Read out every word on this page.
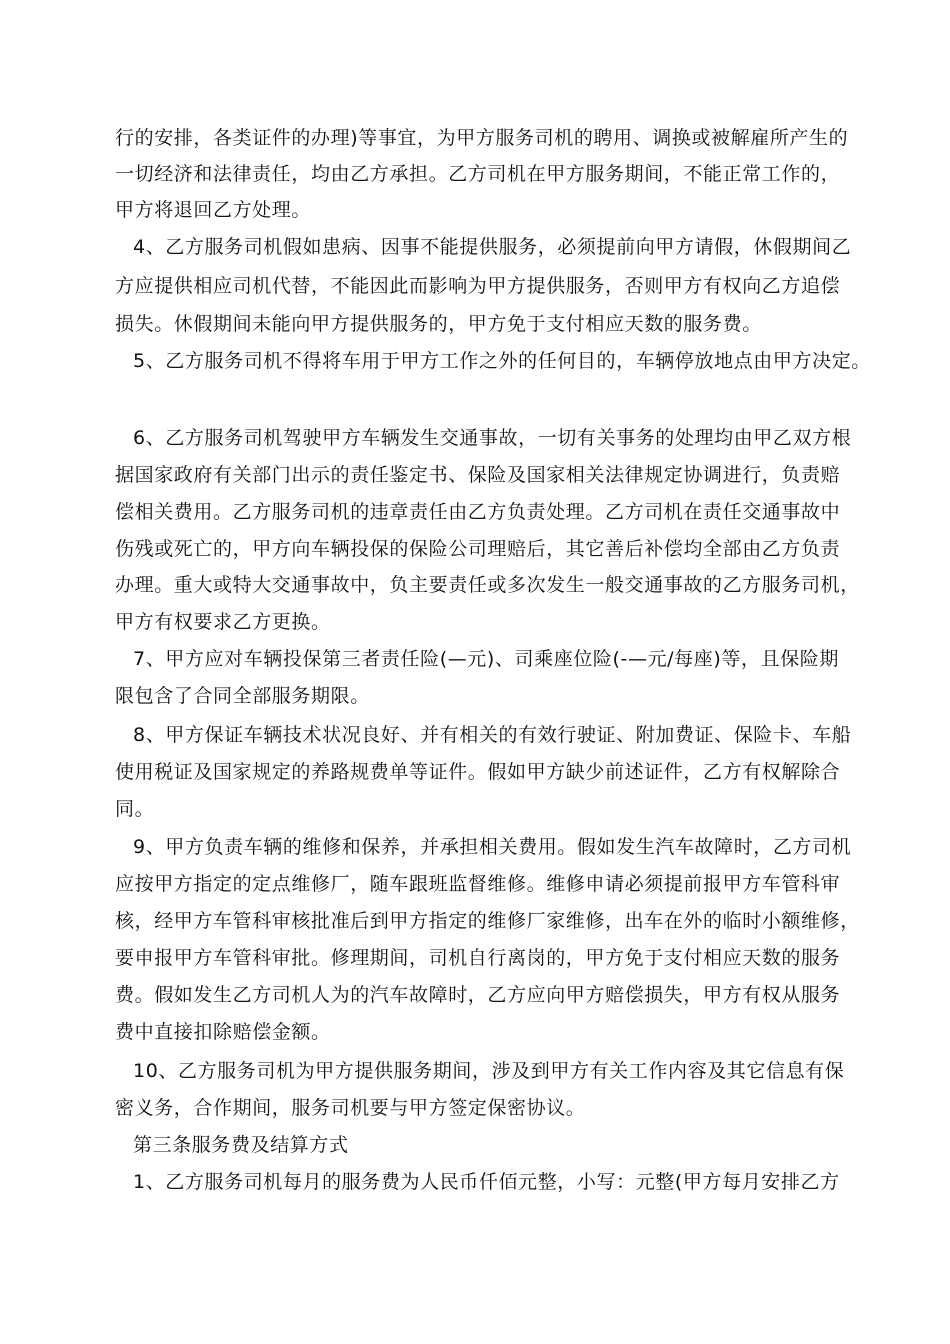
行的安排，各类证件的办理)等事宜，为甲方服务司机的聘用、调换或被解雇所产生的
一切经济和法律责任，均由乙方承担。乙方司机在甲方服务期间，不能正常工作的，
甲方将退回乙方处理。
4、乙方服务司机假如患病、因事不能提供服务，必须提前向甲方请假，休假期间乙
方应提供相应司机代替，不能因此而影响为甲方提供服务，否则甲方有权向乙方追偿
损失。休假期间未能向甲方提供服务的，甲方免于支付相应天数的服务费。
5、乙方服务司机不得将车用于甲方工作之外的任何目的，车辆停放地点由甲方决定。
6、乙方服务司机驾驶甲方车辆发生交通事故，一切有关事务的处理均由甲乙双方根
据国家政府有关部门出示的责任鉴定书、保险及国家相关法律规定协调进行，负责赔
偿相关费用。乙方服务司机的违章责任由乙方负责处理。乙方司机在责任交通事故中
伤残或死亡的，甲方向车辆投保的保险公司理赔后，其它善后补偿均全部由乙方负责
办理。重大或特大交通事故中，负主要责任或多次发生一般交通事故的乙方服务司机，
甲方有权要求乙方更换。
7、甲方应对车辆投保第三者责任险(—元)、司乘座位险(-—元/每座)等，且保险期
限包含了合同全部服务期限。
8、甲方保证车辆技术状况良好、并有相关的有效行驶证、附加费证、保险卡、车船
使用税证及国家规定的养路规费单等证件。假如甲方缺少前述证件，乙方有权解除合
同。
9、甲方负责车辆的维修和保养，并承担相关费用。假如发生汽车故障时，乙方司机
应按甲方指定的定点维修厂，随车跟班监督维修。维修申请必须提前报甲方车管科审
核，经甲方车管科审核批准后到甲方指定的维修厂家维修，出车在外的临时小额维修，
要申报甲方车管科审批。修理期间，司机自行离岗的，甲方免于支付相应天数的服务
费。假如发生乙方司机人为的汽车故障时，乙方应向甲方赔偿损失，甲方有权从服务
费中直接扣除赔偿金额。
10、乙方服务司机为甲方提供服务期间，涉及到甲方有关工作内容及其它信息有保
密义务，合作期间，服务司机要与甲方签定保密协议。
第三条服务费及结算方式
1、乙方服务司机每月的服务费为人民币仟佰元整，小写：元整(甲方每月安排乙方
